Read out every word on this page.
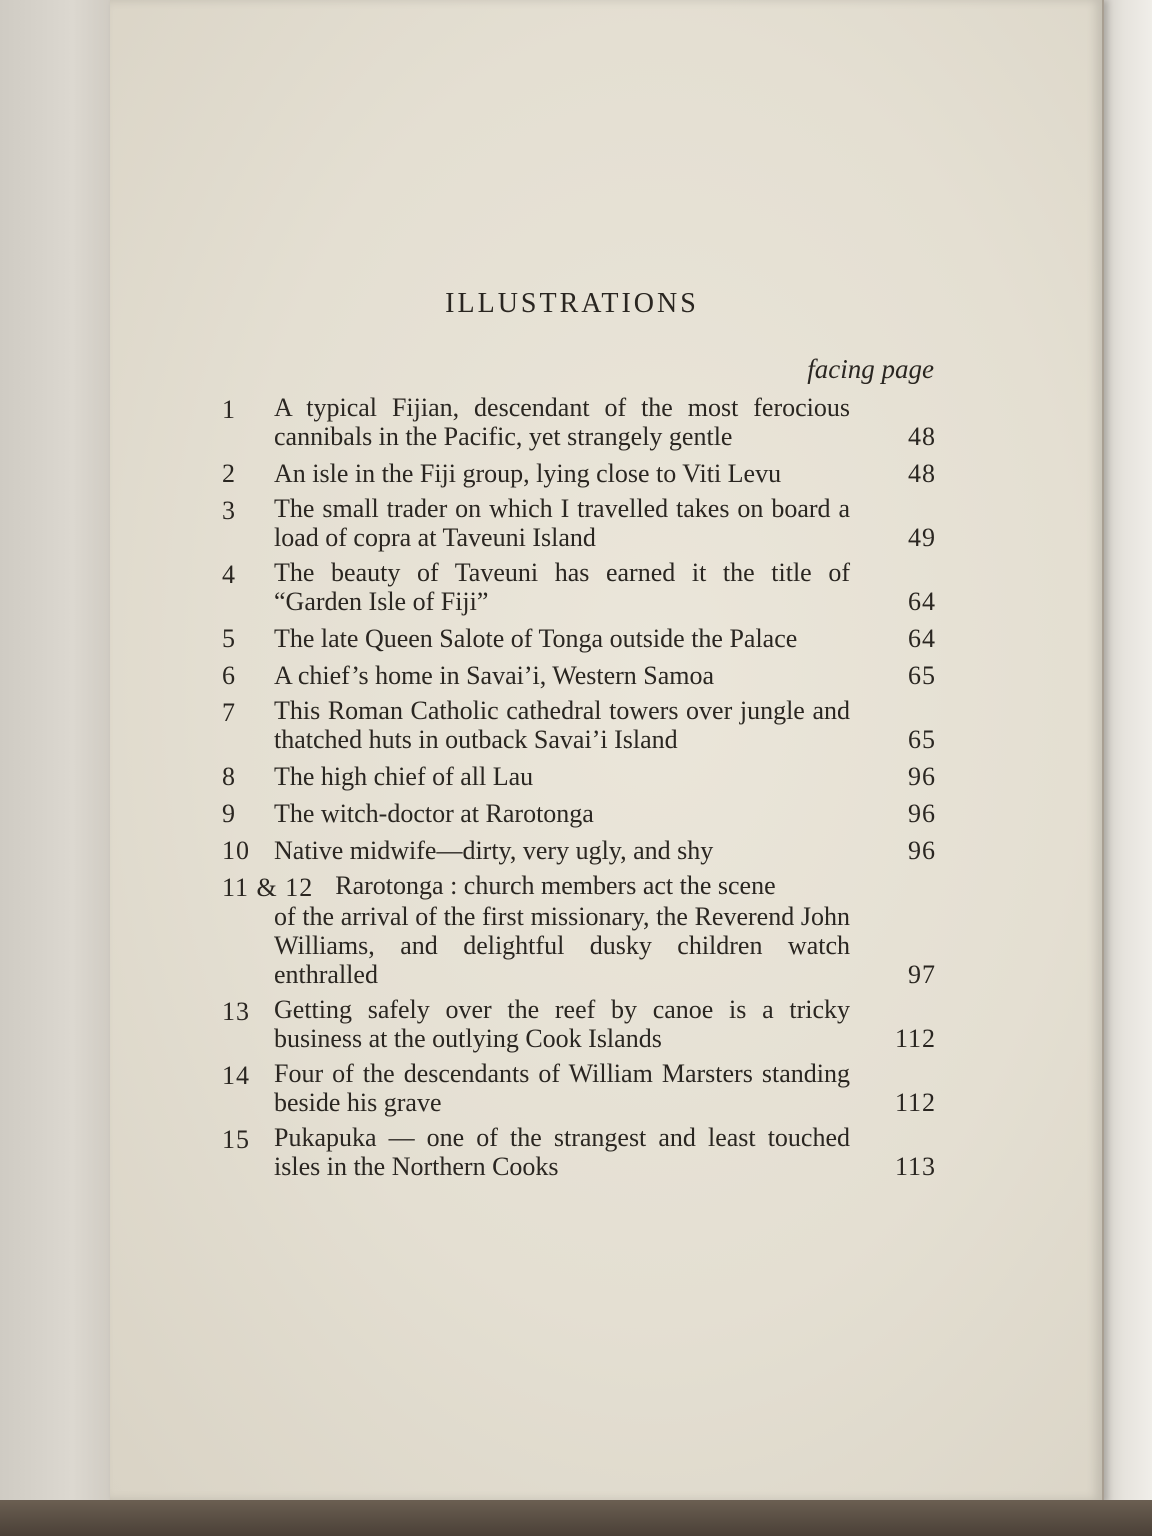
ILLUSTRATIONS
facing page
1	A typical Fijian, descendant of the most ferocious cannibals in the Pacific, yet strangely gentle	48
2	An isle in the Fiji group, lying close to Viti Levu	48
3	The small trader on which I travelled takes on board a load of copra at Taveuni Island	49
4	The beauty of Taveuni has earned it the title of “Garden Isle of Fiji”	64
5	The late Queen Salote of Tonga outside the Palace	64
6	A chief’s home in Savai’i, Western Samoa	65
7	This Roman Catholic cathedral towers over jungle and thatched huts in outback Savai’i Island	65
8	The high chief of all Lau	96
9	The witch-doctor at Rarotonga	96
10 Native midwife—dirty, very ugly, and shy	96
11 & 12 Rarotonga : church members act the scene
of the arrival of the first missionary, the Reverend John Williams, and delightful dusky children watch enthralled	97
13 Getting safely over the reef by canoe is a tricky business at the outlying Cook Islands	112
14 Four of the descendants of William Marsters standing beside his grave	112
15 Pukapuka — one of the strangest and least touched isles in the Northern Cooks	113
